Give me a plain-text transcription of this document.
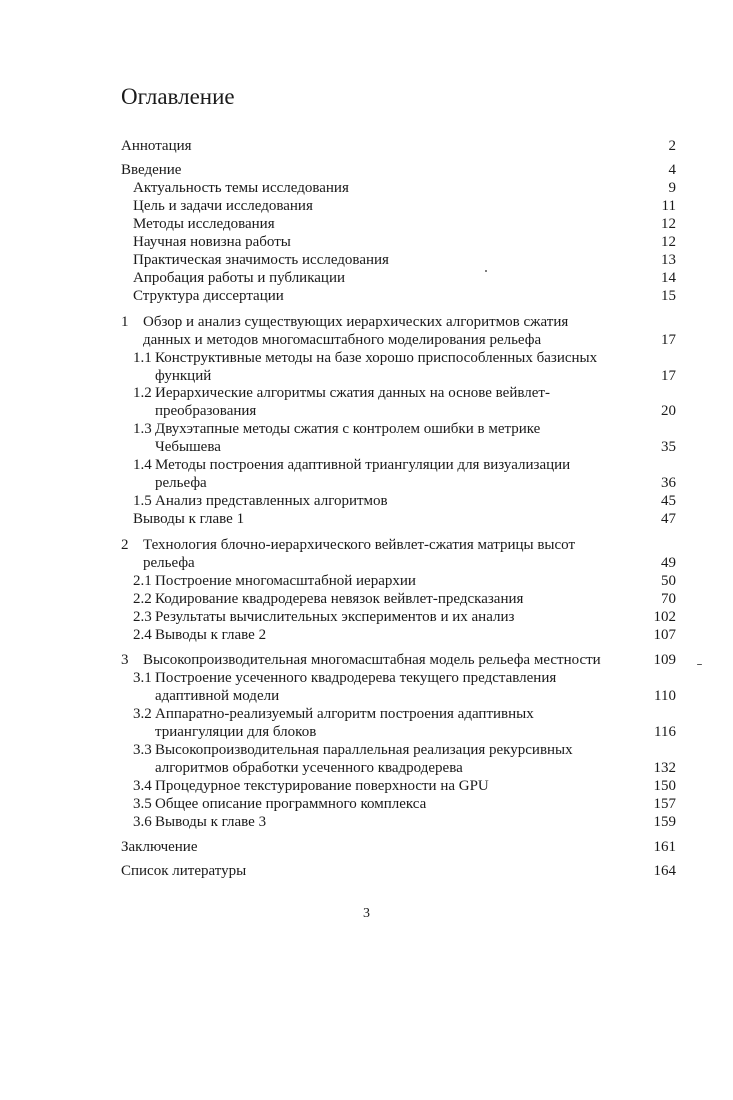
Оглавление
Аннотация	2
Введение	4
Актуальность темы исследования	9
Цель и задачи исследования	11
Методы исследования	12
Научная новизна работы	12
Практическая значимость исследования	13
Апробация работы и публикации	14
Структура диссертации	15
1 Обзор и анализ существующих иерархических алгоритмов сжатия
данных и методов многомасштабного моделирования рельефа	17
1.1 Конструктивные методы на базе хорошо приспособленных базисных
функций	17
1.2 Иерархические алгоритмы сжатия данных на основе вейвлет-
преобразования	20
1.3 Двухэтапные методы сжатия с контролем ошибки в метрике
Чебышева	35
1.4 Методы построения адаптивной триангуляции для визуализации
рельефа	36
1.5 Анализ представленных алгоритмов	45
Выводы к главе 1	47
2 Технология блочно-иерархического вейвлет-сжатия матрицы высот
рельефа	49
2.1 Построение многомасштабной иерархии	50
2.2 Кодирование квадродерева невязок вейвлет-предсказания	70
2.3 Результаты вычислительных экспериментов и их анализ	102
2.4 Выводы к главе 2	107
3 Высокопроизводительная многомасштабная модель рельефа местности	109
3.1 Построение усеченного квадродерева текущего представления
адаптивной модели	110
3.2 Аппаратно-реализуемый алгоритм построения адаптивных
триангуляции для блоков	116
3.3 Высокопроизводительная параллельная реализация рекурсивных
алгоритмов обработки усеченного квадродерева	132
3.4 Процедурное текстурирование поверхности на GPU	150
3.5 Общее описание программного комплекса	157
3.6 Выводы к главе 3	159
Заключение	161
Список литературы	164
3
